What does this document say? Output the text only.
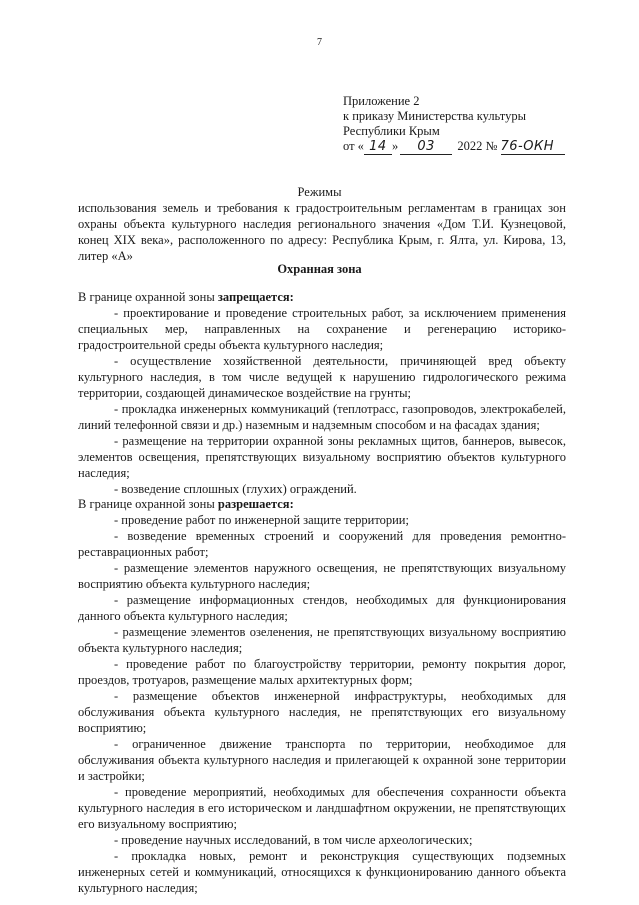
7
Приложение 2
к приказу Министерства культуры
Республики Крым
от « 14 » 03 2022 № 76-ОКН
Режимы

использования земель и требования к градостроительным регламентам в границах зон охраны объекта культурного наследия регионального значения «Дом Т.И. Кузнецовой, конец XIX века», расположенного по адресу: Республика Крым, г. Ялта, ул. Кирова, 13, литер «А»

Охранная зона

В границе охранной зоны запрещается:

- проектирование и проведение строительных работ, за исключением применения специальных мер, направленных на сохранение и регенерацию историко-градостроительной среды объекта культурного наследия;
- осуществление хозяйственной деятельности, причиняющей вред объекту культурного наследия, в том числе ведущей к нарушению гидрологического режима территории, создающей динамическое воздействие на грунты;
- прокладка инженерных коммуникаций (теплотрасс, газопроводов, электрокабелей, линий телефонной связи и др.) наземным и надземным способом и на фасадах здания;
- размещение на территории охранной зоны рекламных щитов, баннеров, вывесок, элементов освещения, препятствующих визуальному восприятию объектов культурного наследия;
- возведение сплошных (глухих) ограждений.

В границе охранной зоны разрешается:

- проведение работ по инженерной защите территории;
- возведение временных строений и сооружений для проведения ремонтно-реставрационных работ;
- размещение элементов наружного освещения, не препятствующих визуальному восприятию объекта культурного наследия;
- размещение информационных стендов, необходимых для функционирования данного объекта культурного наследия;
- размещение элементов озеленения, не препятствующих визуальному восприятию объекта культурного наследия;
- проведение работ по благоустройству территории, ремонту покрытия дорог, проездов, тротуаров, размещение малых архитектурных форм;
- размещение объектов инженерной инфраструктуры, необходимых для обслуживания объекта культурного наследия, не препятствующих его визуальному восприятию;
- ограниченное движение транспорта по территории, необходимое для обслуживания объекта культурного наследия и прилегающей к охранной зоне территории и застройки;
- проведение мероприятий, необходимых для обеспечения сохранности объекта культурного наследия в его историческом и ландшафтном окружении, не препятствующих его визуальному восприятию;
- проведение научных исследований, в том числе археологических;
- прокладка новых, ремонт и реконструкция существующих подземных инженерных сетей и коммуникаций, относящихся к функционированию данного объекта культурного наследия;
